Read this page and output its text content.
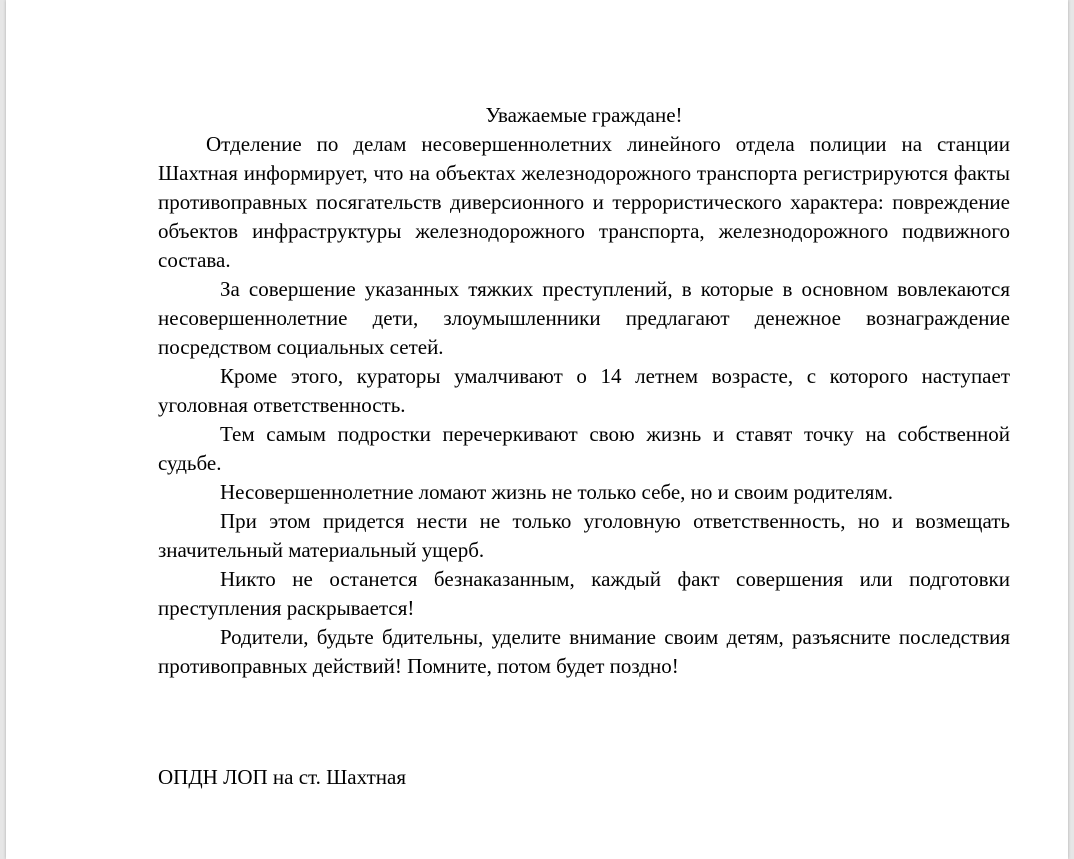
Уважаемые граждане!

Отделение по делам несовершеннолетних линейного отдела полиции на станции Шахтная информирует, что на объектах железнодорожного транспорта регистрируются факты противоправных посягательств диверсионного и террористического характера: повреждение объектов инфраструктуры железнодорожного транспорта, железнодорожного подвижного состава.

За совершение указанных тяжких преступлений, в которые в основном вовлекаются несовершеннолетние дети, злоумышленники предлагают денежное вознаграждение посредством социальных сетей.

Кроме этого, кураторы умалчивают о 14 летнем возрасте, с которого наступает уголовная ответственность.

Тем самым подростки перечеркивают свою жизнь и ставят точку на собственной судьбе.

Несовершеннолетние ломают жизнь не только себе, но и своим родителям.

При этом придется нести не только уголовную ответственность, но и возмещать значительный материальный ущерб.

Никто не останется безнаказанным, каждый факт совершения или подготовки преступления раскрывается!

Родители, будьте бдительны, уделите внимание своим детям, разъясните последствия противоправных действий! Помните, потом будет поздно!

ОПДН ЛОП на ст. Шахтная
